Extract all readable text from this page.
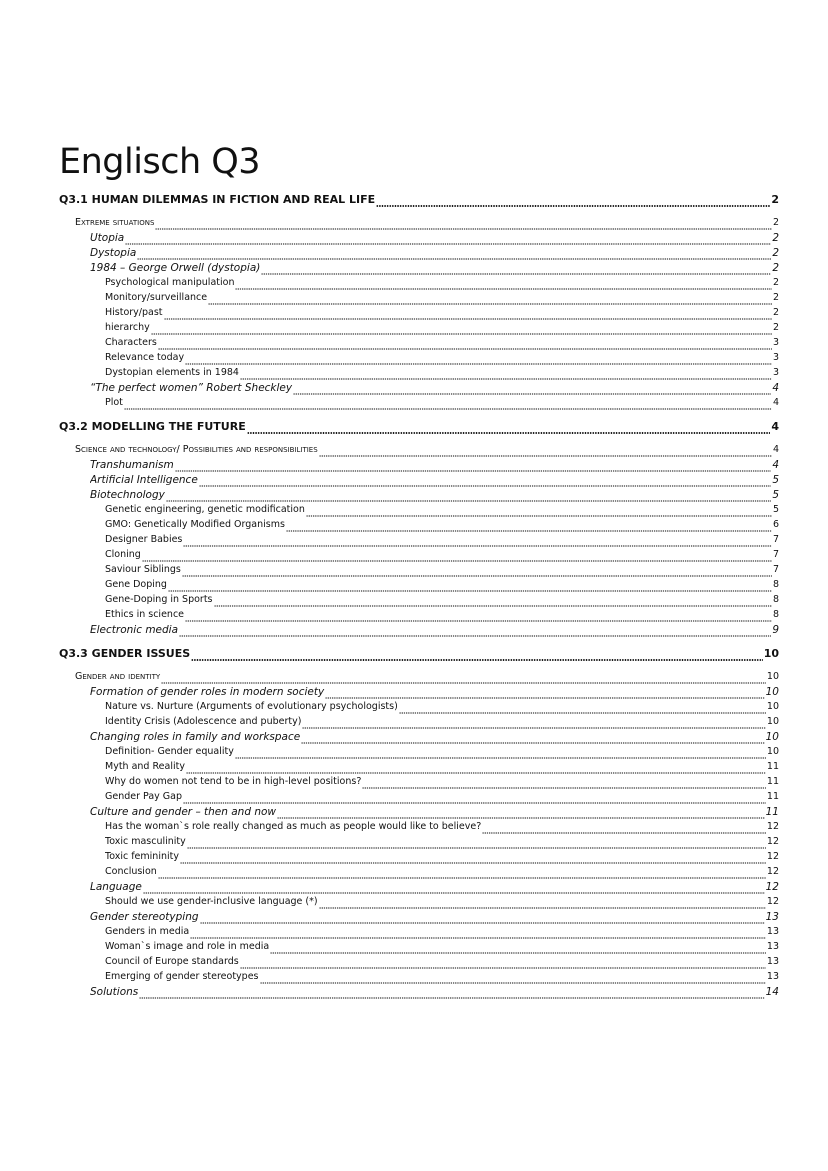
Englisch Q3
Q3.1 HUMAN DILEMMAS IN FICTION AND REAL LIFE	2
Extreme situations	2
Utopia	2
Dystopia	2
1984 – George Orwell (dystopia)	2
Psychological manipulation	2
Monitory/surveillance	2
History/past	2
hierarchy	2
Characters	3
Relevance today	3
Dystopian elements in 1984	3
“The perfect women” Robert Sheckley	4
Plot	4
Q3.2 MODELLING THE FUTURE	4
Science and technology/ Possibilities and responsibilities	4
Transhumanism	4
Artificial Intelligence	5
Biotechnology	5
Genetic engineering, genetic modification	5
GMO: Genetically Modified Organisms	6
Designer Babies	7
Cloning	7
Saviour Siblings	7
Gene Doping	8
Gene-Doping in Sports	8
Ethics in science	8
Electronic media	9
Q3.3 GENDER ISSUES	10
Gender and identity	10
Formation of gender roles in modern society	10
Nature vs. Nurture (Arguments of evolutionary psychologists)	10
Identity Crisis (Adolescence and puberty)	10
Changing roles in family and workspace	10
Definition- Gender equality	10
Myth and Reality	11
Why do women not tend to be in high-level positions?	11
Gender Pay Gap	11
Culture and gender – then and now	11
Has the woman`s role really changed as much as people would like to believe?	12
Toxic masculinity	12
Toxic femininity	12
Conclusion	12
Language	12
Should we use gender-inclusive language (*)	12
Gender stereotyping	13
Genders in media	13
Woman`s image and role in media	13
Council of Europe standards	13
Emerging of gender stereotypes	13
Solutions	14
